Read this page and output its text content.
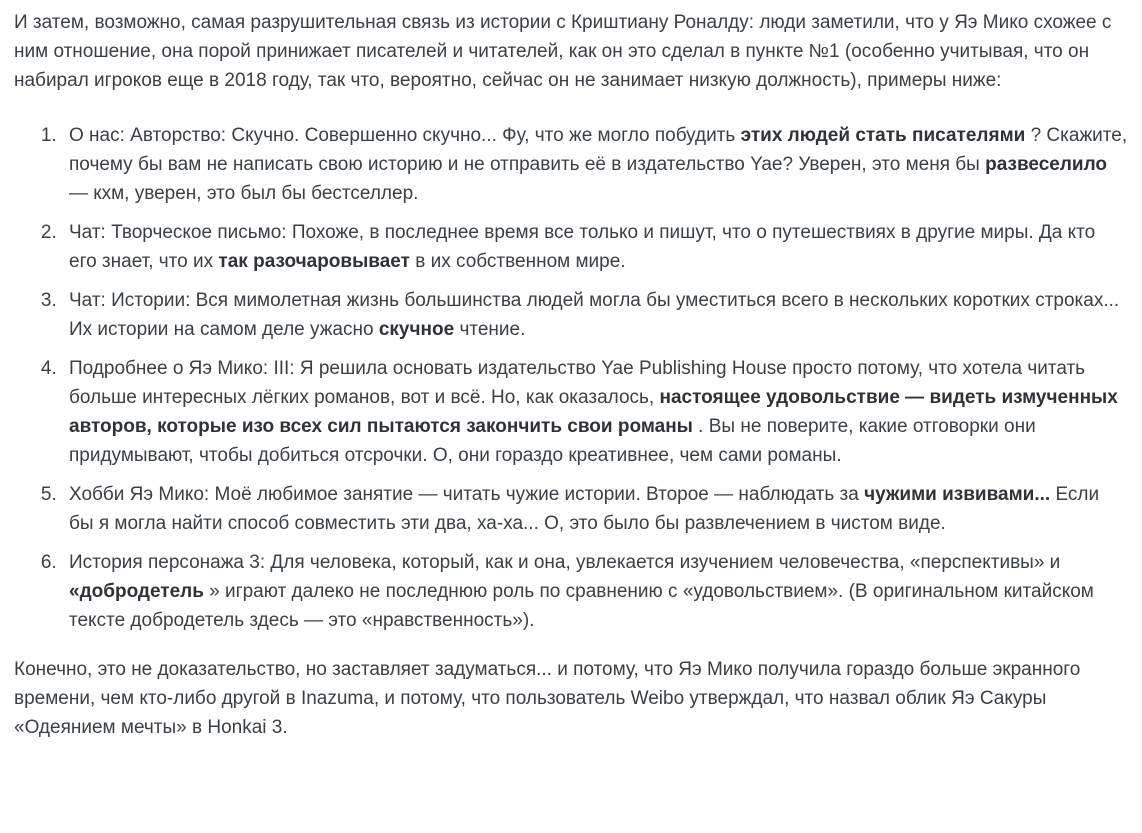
И затем, возможно, самая разрушительная связь из истории с Криштиану Роналду: люди заметили, что у Яэ Мико схожее с ним отношение, она порой принижает писателей и читателей, как он это сделал в пункте №1 (особенно учитывая, что он набирал игроков еще в 2018 году, так что, вероятно, сейчас он не занимает низкую должность), примеры ниже:

1. О нас: Авторство: Скучно. Совершенно скучно... Фу, что же могло побудить этих людей стать писателями ? Скажите, почему бы вам не написать свою историю и не отправить её в издательство Yae? Уверен, это меня бы развеселило — кхм, уверен, это был бы бестселлер.
2. Чат: Творческое письмо: Похоже, в последнее время все только и пишут, что о путешествиях в другие миры. Да кто его знает, что их так разочаровывает в их собственном мире.
3. Чат: Истории: Вся мимолетная жизнь большинства людей могла бы уместиться всего в нескольких коротких строках... Их истории на самом деле ужасно скучное чтение.
4. Подробнее о Яэ Мико: III: Я решила основать издательство Yae Publishing House просто потому, что хотела читать больше интересных лёгких романов, вот и всё. Но, как оказалось, настоящее удовольствие — видеть измученных авторов, которые изо всех сил пытаются закончить свои романы . Вы не поверите, какие отговорки они придумывают, чтобы добиться отсрочки. О, они гораздо креативнее, чем сами романы.
5. Хобби Яэ Мико: Моё любимое занятие — читать чужие истории. Второе — наблюдать за чужими извивами... Если бы я могла найти способ совместить эти два, ха-ха... О, это было бы развлечением в чистом виде.
6. История персонажа 3: Для человека, который, как и она, увлекается изучением человечества, «перспективы» и «добродетель » играют далеко не последнюю роль по сравнению с «удовольствием». (В оригинальном китайском тексте добродетель здесь — это «нравственность»).

Конечно, это не доказательство, но заставляет задуматься... и потому, что Яэ Мико получила гораздо больше экранного времени, чем кто-либо другой в Inazuma, и потому, что пользователь Weibo утверждал, что назвал облик Яэ Сакуры «Одеянием мечты» в Honkai 3.
